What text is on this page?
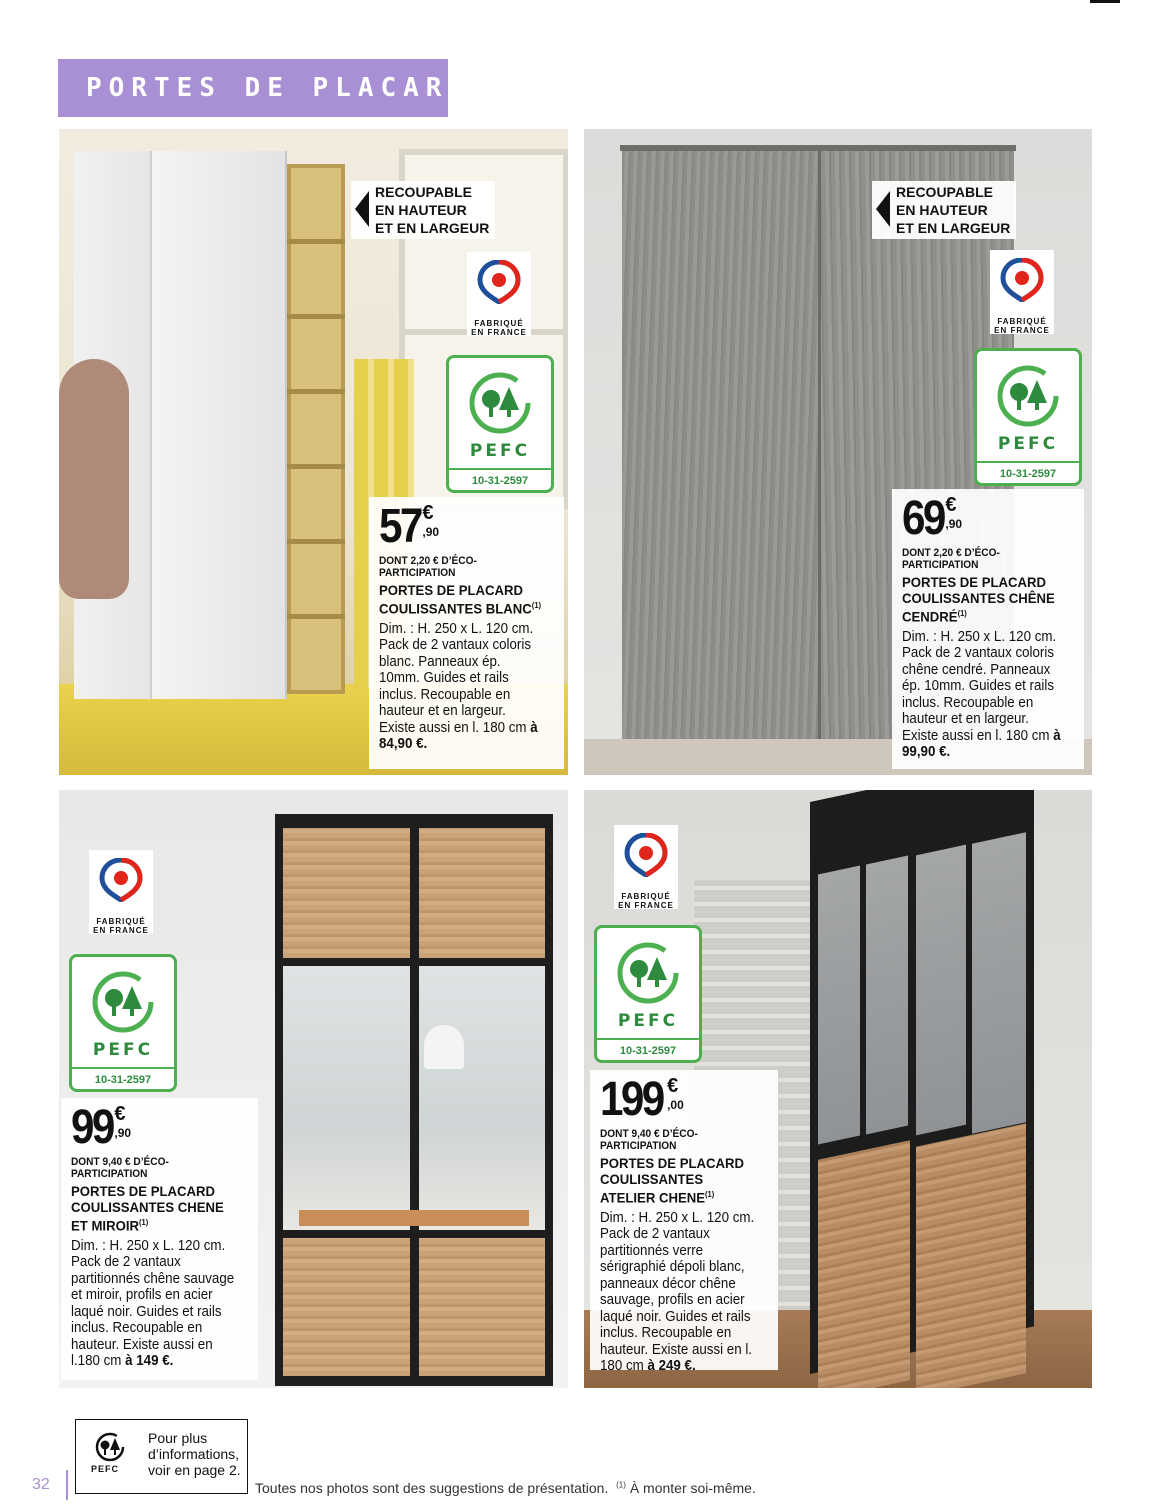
PORTES DE PLACARD
RECOUPABLE
EN HAUTEUR
ET EN LARGEUR
FABRIQUÉ
EN FRANCE
PEFC
10-31-2597
57 €
,90
DONT 2,20 € D’ÉCO-PARTICIPATION
PORTES DE PLACARD COULISSANTES BLANC$^{(1)}$
Dim. : H. 250 x L. 120 cm. Pack de 2 vantaux coloris blanc. Panneaux ép. 10mm. Guides et rails inclus. Recoupable en hauteur et en largeur. Existe aussi en l. 180 cm à 84,90 €.
RECOUPABLE
EN HAUTEUR
ET EN LARGEUR
FABRIQUÉ
EN FRANCE
PEFC
10-31-2597
69 €
,90
DONT 2,20 € D’ÉCO-PARTICIPATION
PORTES DE PLACARD COULISSANTES CHÊNE CENDRÉ$^{(1)}$
Dim. : H. 250 x L. 120 cm. Pack de 2 vantaux coloris chêne cendré. Panneaux ép. 10mm. Guides et rails inclus. Recoupable en hauteur et en largeur. Existe aussi en l. 180 cm à 99,90 €.
FABRIQUÉ
EN FRANCE
PEFC
10-31-2597
99 €
,90
DONT 9,40 € D’ÉCO-PARTICIPATION
PORTES DE PLACARD COULISSANTES CHENE ET MIROIR$^{(1)}$
Dim. : H. 250 x L. 120 cm. Pack de 2 vantaux partitionnés chêne sauvage et miroir, profils en acier laqué noir. Guides et rails inclus. Recoupable en hauteur. Existe aussi en l.180 cm à 149 €.
FABRIQUÉ
EN FRANCE
PEFC
10-31-2597
199 €
,00
DONT 9,40 € D’ÉCO-PARTICIPATION
PORTES DE PLACARD COULISSANTES ATELIER CHENE$^{(1)}$
Dim. : H. 250 x L. 120 cm. Pack de 2 vantaux partitionnés verre sérigraphié dépoli blanc, panneaux décor chêne sauvage, profils en acier laqué noir. Guides et rails inclus. Recoupable en hauteur. Existe aussi en l. 180 cm à 249 €.
PEFC
Pour plus
d’informations,
voir en page 2.
32	Toutes nos photos sont des suggestions de présentation. $^{(1)}$ À monter soi-même.
